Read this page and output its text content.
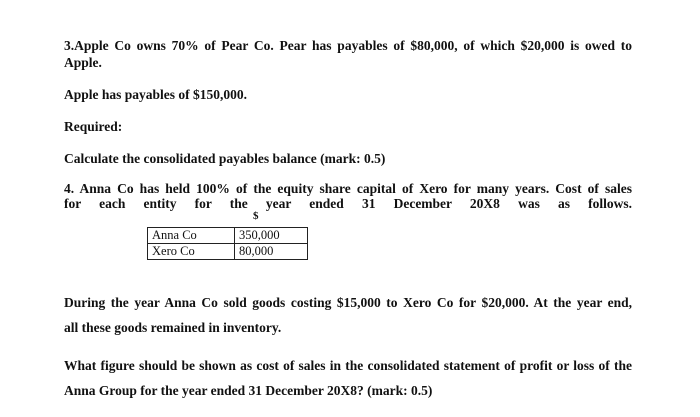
3.Apple Co owns 70% of Pear Co. Pear has payables of $80,000, of which $20,000 is owed to

Apple.

Apple has payables of $150,000.

Required:

Calculate the consolidated payables balance (mark: 0.5)

4. Anna Co has held 100% of the equity share capital of Xero for many years. Cost of sales
for each entity for the year ended 31 December 20X8 was as follows.
$
Anna Co	350,000
Xero Co	80,000
During the year Anna Co sold goods costing $15,000 to Xero Co for $20,000. At the year end,

all these goods remained in inventory.

What figure should be shown as cost of sales in the consolidated statement of profit or loss of the

Anna Group for the year ended 31 December 20X8? (mark: 0.5)
